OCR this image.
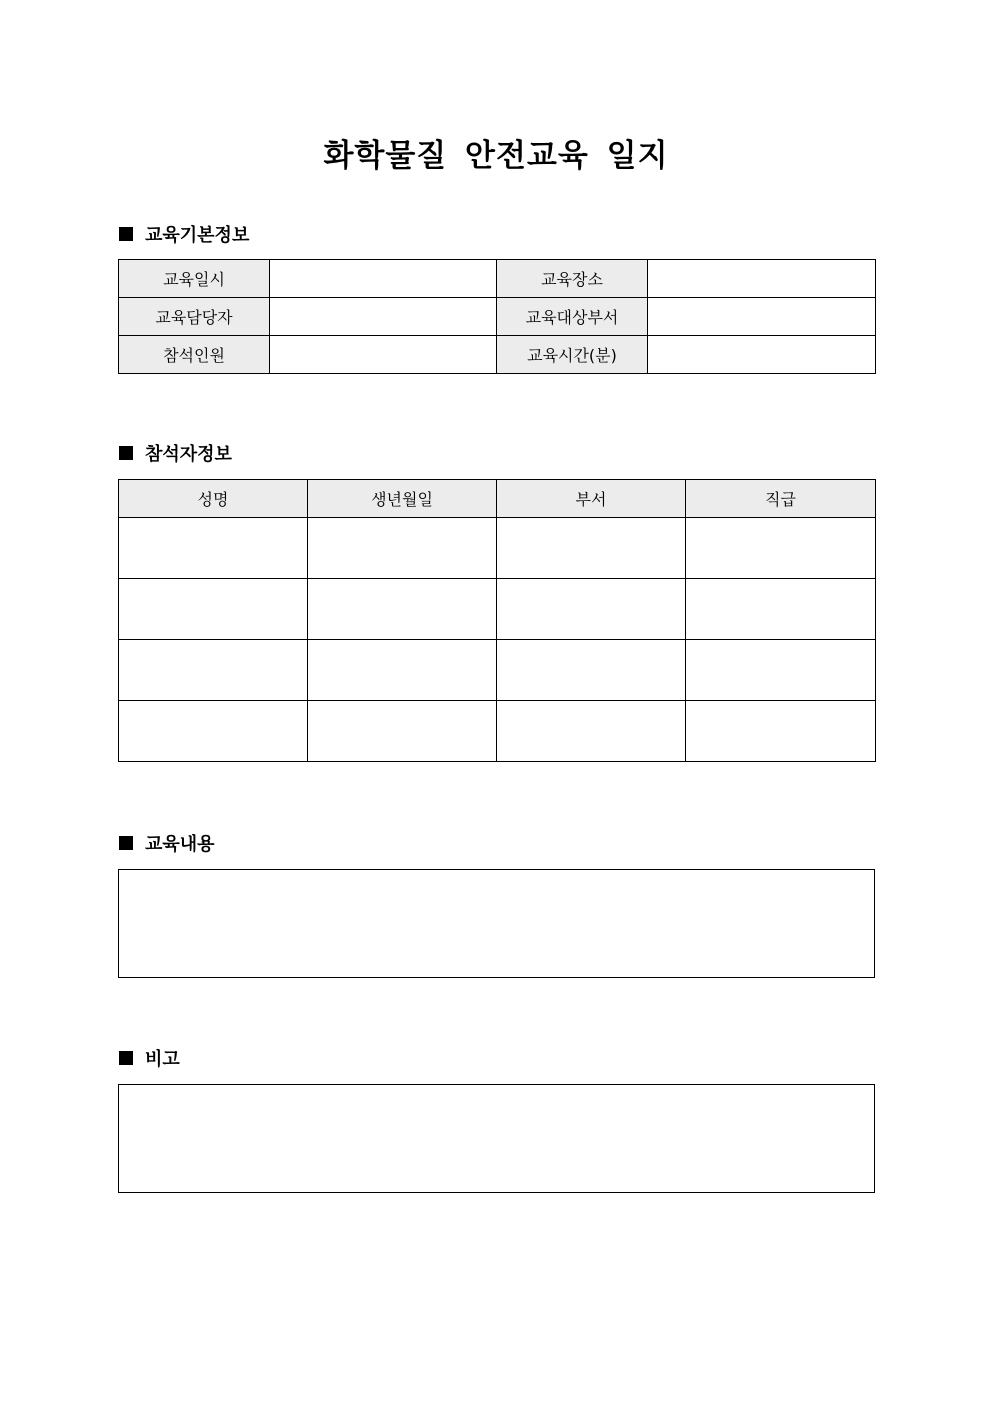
화학물질 안전교육 일지
교육기본정보
교육일시		교육장소	
교육담당자		교육대상부서	
참석인원		교육시간(분)	
참석자정보
성명	생년월일	부서	직급

교육내용
비고
